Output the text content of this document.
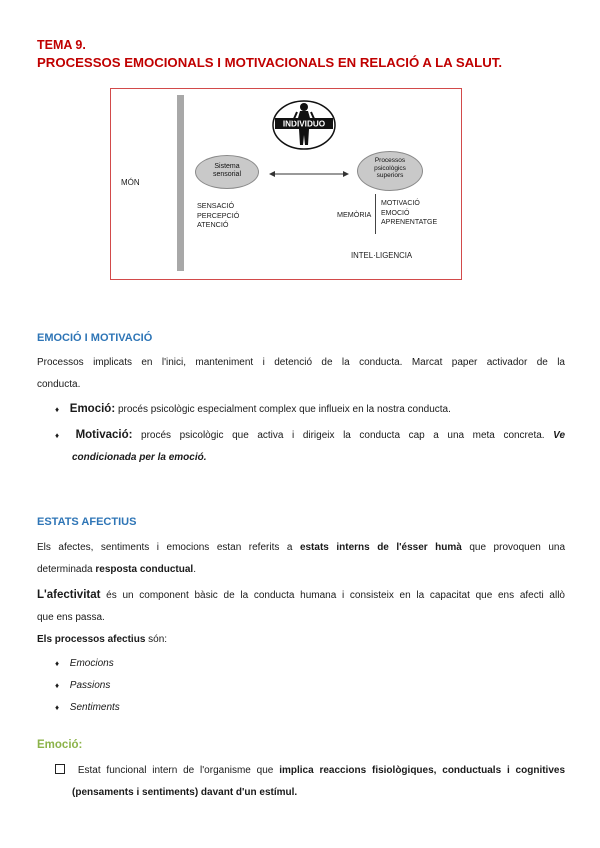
TEMA 9.
PROCESSOS EMOCIONALS I MOTIVACIONALS EN RELACIÓ A LA SALUT.
MÓN
INDIVIDUO
Sistema
sensorial
Processos
psicològics
superiors
SENSACIÓ
PERCEPCIÓ
ATENCIÓ
MEMÒRIA
MOTIVACIÓ
EMOCIÓ
APRENENTATGE
INTEL·LIGENCIA
EMOCIÓ I MOTIVACIÓ
Processos implicats en l'inici, manteniment i detenció de la conducta. Marcat paper activador de la
conducta.
♦ Emoció: procés psicològic especialment complex que influeix en la nostra conducta.
♦ Motivació: procés psicològic que activa i dirigeix la conducta cap a una meta concreta. Ve
condicionada per la emoció.
ESTATS AFECTIUS
Els afectes, sentiments i emocions estan referits a estats interns de l'ésser humà que provoquen una
determinada resposta conductual.
L'afectivitat és un component bàsic de la conducta humana i consisteix en la capacitat que ens afecti allò
que ens passa.
Els processos afectius són:
♦ Emocions
♦ Passions
♦ Sentiments
Emoció:
Estat funcional intern de l'organisme que implica reaccions fisiològiques, conductuals i cognitives
(pensaments i sentiments) davant d'un estímul.
